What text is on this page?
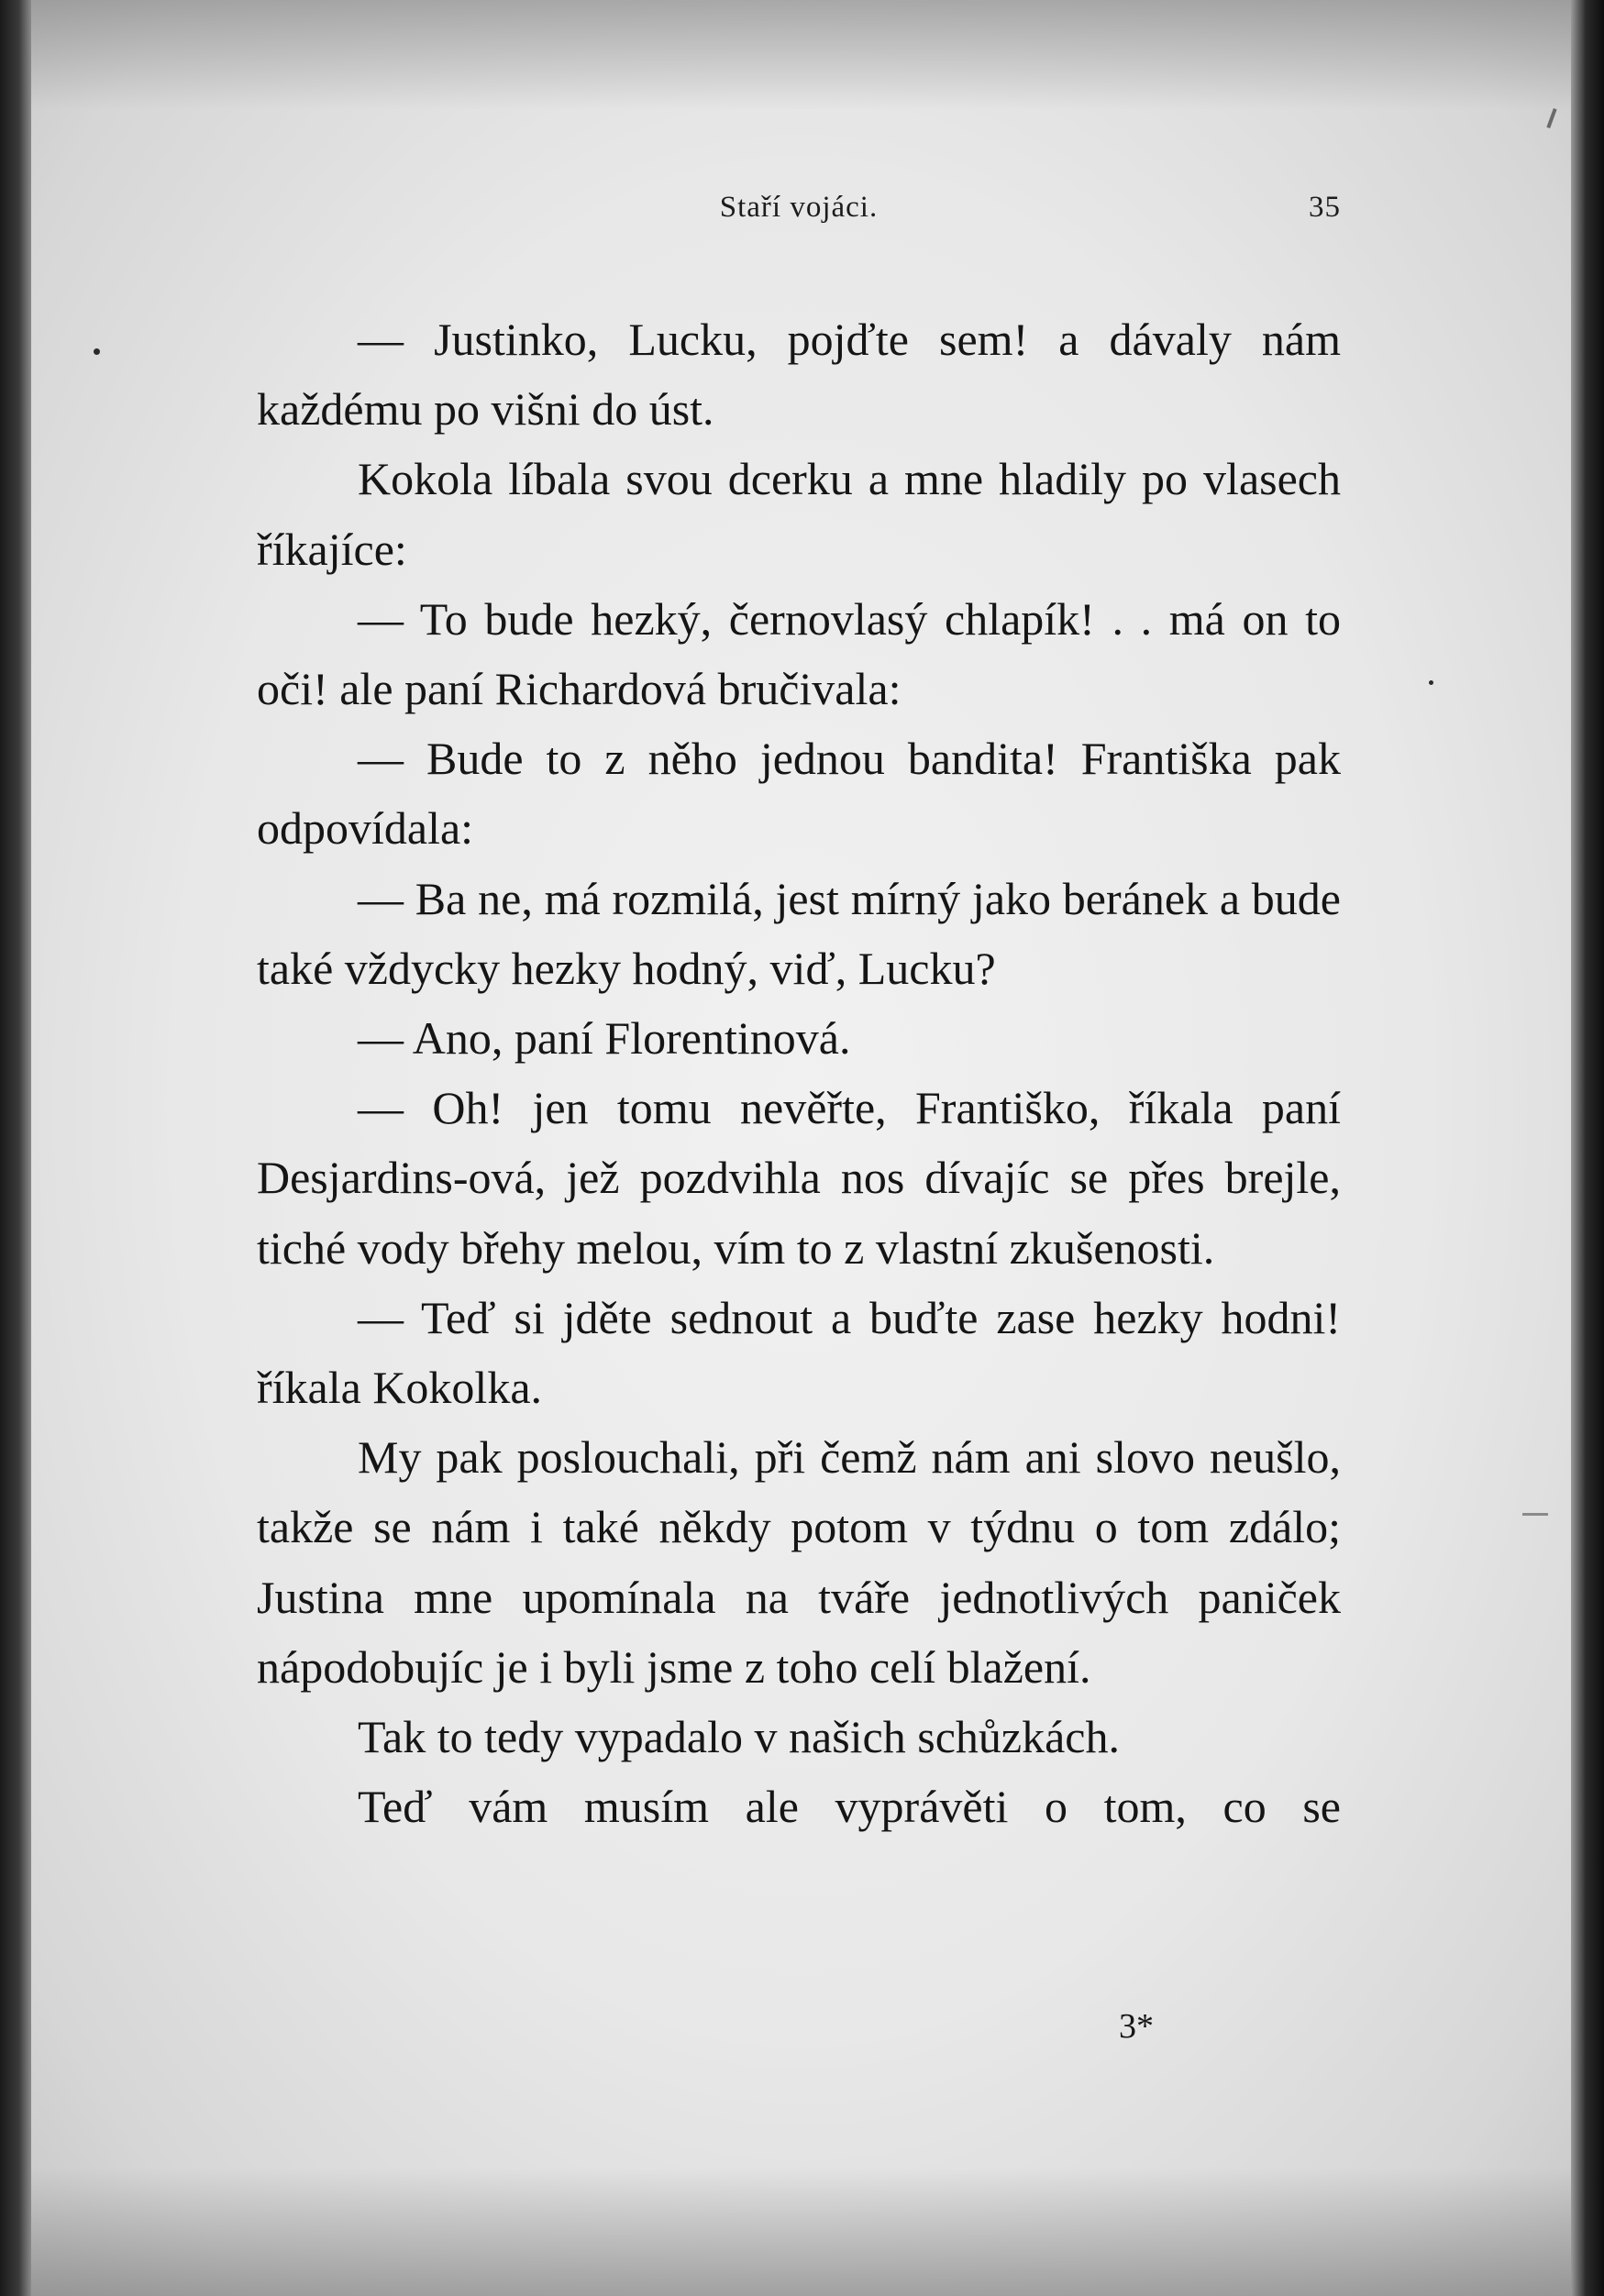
Staří vojáci.	35

— Justinko, Lucku, pojďte sem! a dávaly nám každému po višni do úst.

Kokola líbala svou dcerku a mne hladily po vlasech říkajíce:

— To bude hezký, černovlasý chlapík! . . má on to oči! ale paní Richardová bručivala:

— Bude to z něho jednou bandita! Františka pak odpovídala:

— Ba ne, má rozmilá, jest mírný jako beránek a bude také vždycky hezky hodný, viď, Lucku?

— Ano, paní Florentinová.

— Oh! jen tomu nevěřte, Františko, říkala paní Desjardins-ová, jež pozdvihla nos dívajíc se přes brejle, tiché vody břehy melou, vím to z vlastní zkušenosti.

— Teď si jděte sednout a buďte zase hezky hodni! říkala Kokolka.

My pak poslouchali, při čemž nám ani slovo neušlo, takže se nám i také někdy potom v týdnu o tom zdálo; Justina mne upomínala na tváře jednotlivých paniček nápodobujíc je i byli jsme z toho celí blažení.

Tak to tedy vypadalo v našich schůzkách.

Teď vám musím ale vyprávěti o tom, co se

3*
